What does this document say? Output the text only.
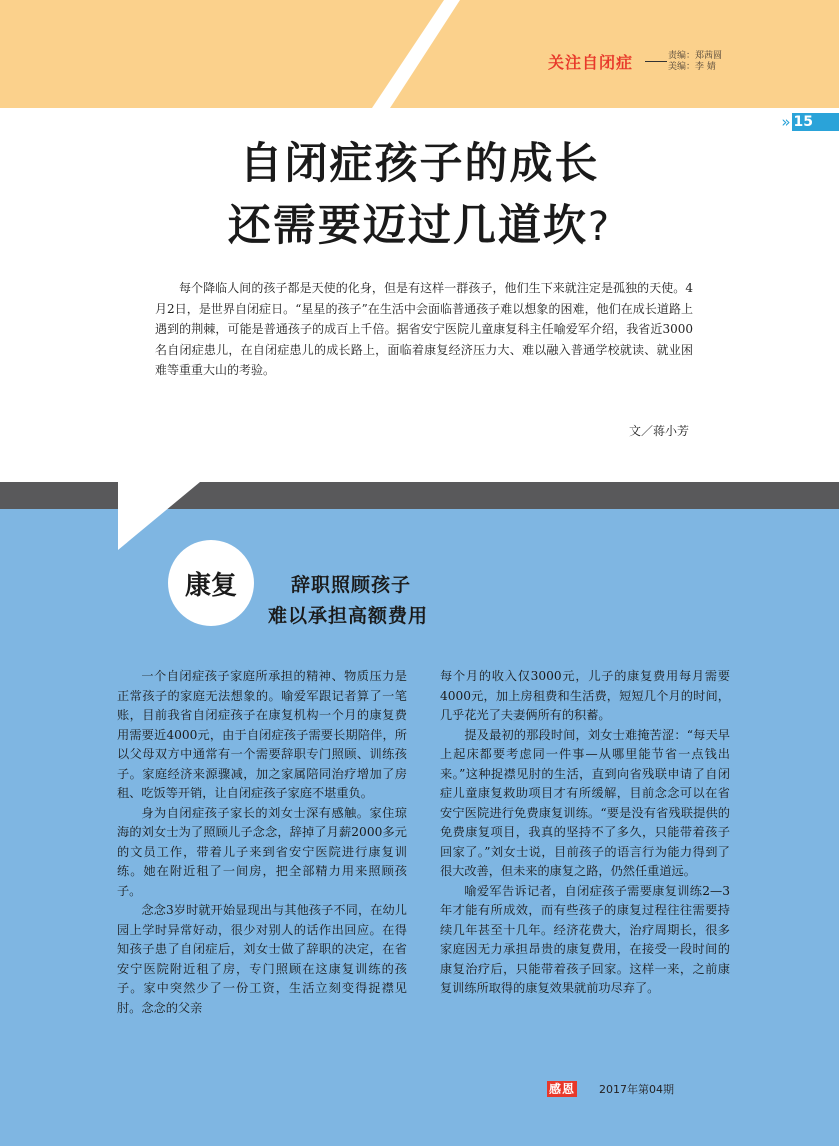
关注自闭症	责编：郑茜圆
美编：李 婧
» 15
自闭症孩子的成长
还需要迈过几道坎?
每个降临人间的孩子都是天使的化身，但是有这样一群孩子，他们生下来就注定是孤独的天使。4月2日，是世界自闭症日。“星星的孩子”在生活中会面临普通孩子难以想象的困难，他们在成长道路上遇到的荆棘，可能是普通孩子的成百上千倍。据省安宁医院儿童康复科主任喻爱军介绍，我省近3000名自闭症患儿，在自闭症患儿的成长路上，面临着康复经济压力大、难以融入普通学校就读、就业困难等重重大山的考验。
文／蒋小芳
康复	辞职照顾孩子
难以承担高额费用

一个自闭症孩子家庭所承担的精神、物质压力是正常孩子的家庭无法想象的。喻爱军跟记者算了一笔账，目前我省自闭症孩子在康复机构一个月的康复费用需要近4000元，由于自闭症孩子需要长期陪伴，所以父母双方中通常有一个需要辞职专门照顾、训练孩子。家庭经济来源骤减，加之家属陪同治疗增加了房租、吃饭等开销，让自闭症孩子家庭不堪重负。

身为自闭症孩子家长的刘女士深有感触。家住琼海的刘女士为了照顾儿子念念，辞掉了月薪2000多元的文员工作，带着儿子来到省安宁医院进行康复训练。她在附近租了一间房，把全部精力用来照顾孩子。

念念3岁时就开始显现出与其他孩子不同，在幼儿园上学时异常好动，很少对别人的话作出回应。在得知孩子患了自闭症后，刘女士做了辞职的决定，在省安宁医院附近租了房，专门照顾在这康复训练的孩子。家中突然少了一份工资，生活立刻变得捉襟见肘。念念的父亲

每个月的收入仅3000元，儿子的康复费用每月需要4000元，加上房租费和生活费，短短几个月的时间，几乎花光了夫妻俩所有的积蓄。

提及最初的那段时间，刘女士难掩苦涩：“每天早上起床都要考虑同一件事—从哪里能节省一点钱出来。”这种捉襟见肘的生活，直到向省残联申请了自闭症儿童康复救助项目才有所缓解，目前念念可以在省安宁医院进行免费康复训练。“要是没有省残联提供的免费康复项目，我真的坚持不了多久，只能带着孩子回家了。”刘女士说，目前孩子的语言行为能力得到了很大改善，但未来的康复之路，仍然任重道远。

喻爱军告诉记者，自闭症孩子需要康复训练2—3年才能有所成效，而有些孩子的康复过程往往需要持续几年甚至十几年。经济花费大，治疗周期长，很多家庭因无力承担昂贵的康复费用，在接受一段时间的康复治疗后，只能带着孩子回家。这样一来，之前康复训练所取得的康复效果就前功尽弃了。

感恩 2017年第04期
